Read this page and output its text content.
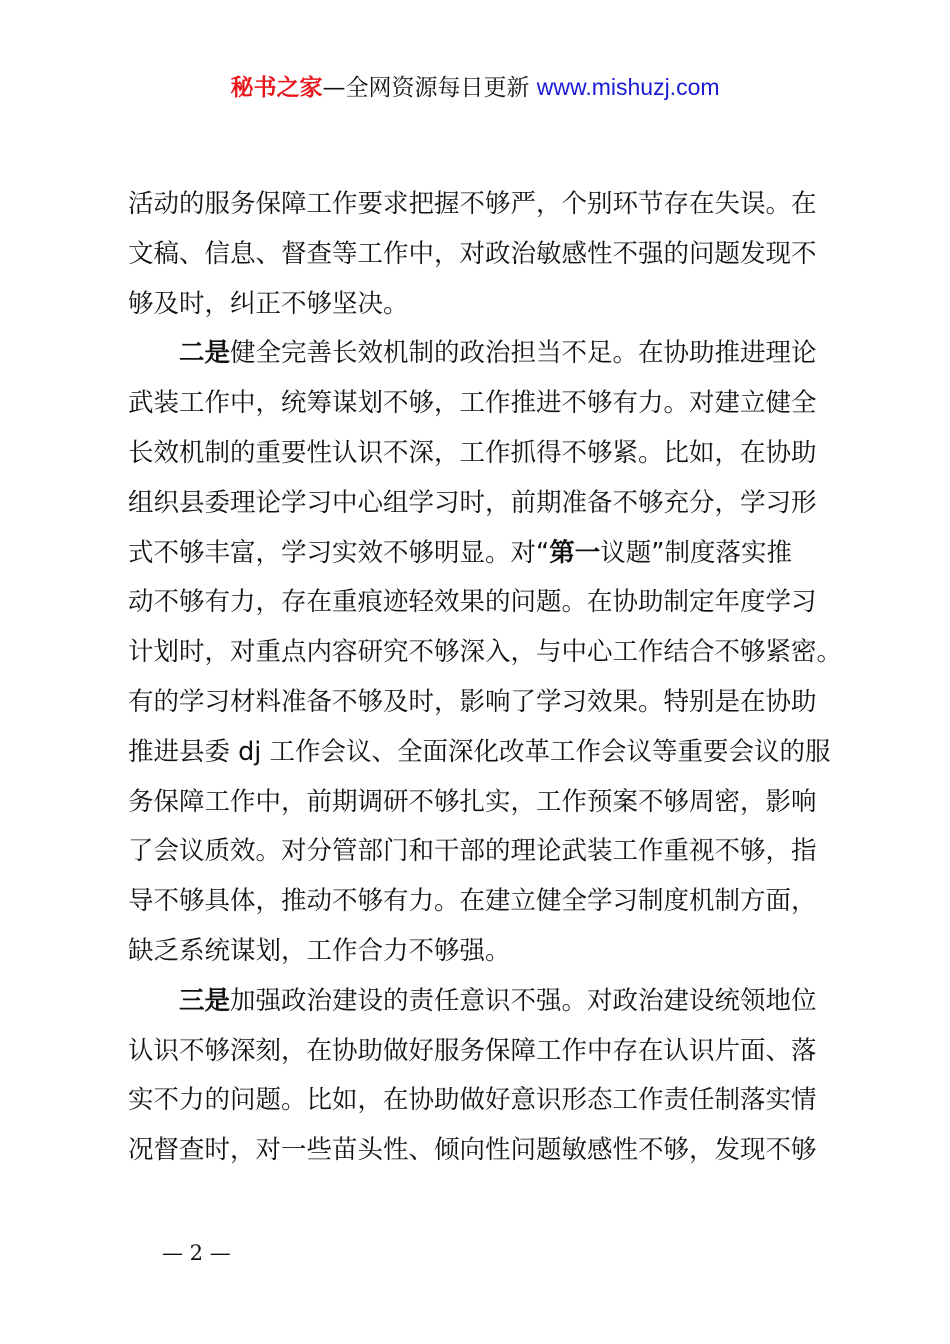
秘书之家—全网资源每日更新 www.mishuzj.com
活动的服务保障工作要求把握不够严，个别环节存在失误。在
文稿、信息、督查等工作中，对政治敏感性不强的问题发现不
够及时，纠正不够坚决。
二是健全完善长效机制的政治担当不足。在协助推进理论
武装工作中，统筹谋划不够，工作推进不够有力。对建立健全
长效机制的重要性认识不深，工作抓得不够紧。比如，在协助
组织县委理论学习中心组学习时，前期准备不够充分，学习形
式不够丰富，学习实效不够明显。对“第一议题”制度落实推
动不够有力，存在重痕迹轻效果的问题。在协助制定年度学习
计划时，对重点内容研究不够深入，与中心工作结合不够紧密。
有的学习材料准备不够及时，影响了学习效果。特别是在协助
推进县委 dj 工作会议、全面深化改革工作会议等重要会议的服
务保障工作中，前期调研不够扎实，工作预案不够周密，影响
了会议质效。对分管部门和干部的理论武装工作重视不够，指
导不够具体，推动不够有力。在建立健全学习制度机制方面，
缺乏系统谋划，工作合力不够强。
三是加强政治建设的责任意识不强。对政治建设统领地位
认识不够深刻，在协助做好服务保障工作中存在认识片面、落
实不力的问题。比如，在协助做好意识形态工作责任制落实情
况督查时，对一些苗头性、倾向性问题敏感性不够，发现不够
— 2 —
